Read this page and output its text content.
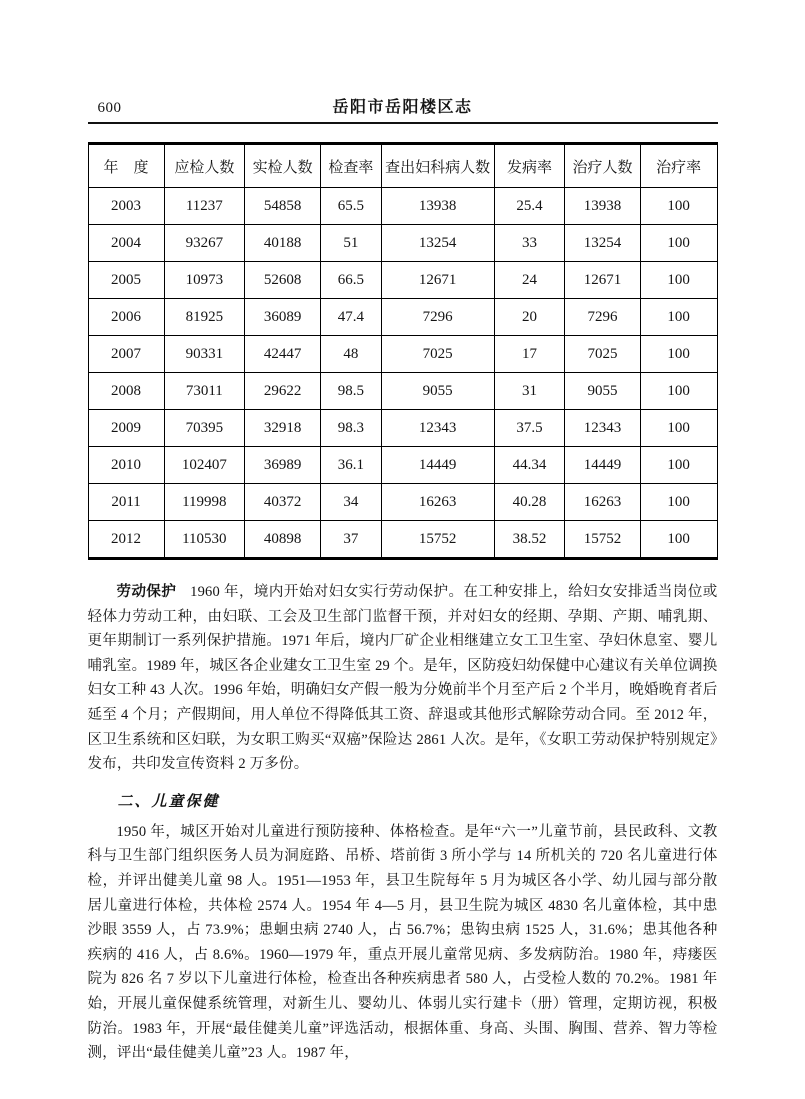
600	岳阳市岳阳楼区志
年　度	应检人数	实检人数	检查率	查出妇科病人数	发病率	治疗人数	治疗率
2003	11237	54858	65.5	13938	25.4	13938	100
2004	93267	40188	51	13254	33	13254	100
2005	10973	52608	66.5	12671	24	12671	100
2006	81925	36089	47.4	7296	20	7296	100
2007	90331	42447	48	7025	17	7025	100
2008	73011	29622	98.5	9055	31	9055	100
2009	70395	32918	98.3	12343	37.5	12343	100
2010	102407	36989	36.1	14449	44.34	14449	100
2011	119998	40372	34	16263	40.28	16263	100
2012	110530	40898	37	15752	38.52	15752	100

劳动保护 1960 年，境内开始对妇女实行劳动保护。在工种安排上，给妇女安排适当岗位或轻体力劳动工种，由妇联、工会及卫生部门监督干预，并对妇女的经期、孕期、产期、哺乳期、更年期制订一系列保护措施。1971 年后，境内厂矿企业相继建立女工卫生室、孕妇休息室、婴儿哺乳室。1989 年，城区各企业建女工卫生室 29 个。是年，区防疫妇幼保健中心建议有关单位调换妇女工种 43 人次。1996 年始，明确妇女产假一般为分娩前半个月至产后 2 个半月，晚婚晚育者后延至 4 个月；产假期间，用人单位不得降低其工资、辞退或其他形式解除劳动合同。至 2012 年，区卫生系统和区妇联，为女职工购买“双癌”保险达 2861 人次。是年，《女职工劳动保护特别规定》发布，共印发宣传资料 2 万多份。

二、儿童保健

1950 年，城区开始对儿童进行预防接种、体格检查。是年“六一”儿童节前，县民政科、文教科与卫生部门组织医务人员为洞庭路、吊桥、塔前街 3 所小学与 14 所机关的 720 名儿童进行体检，并评出健美儿童 98 人。1951—1953 年，县卫生院每年 5 月为城区各小学、幼儿园与部分散居儿童进行体检，共体检 2574 人。1954 年 4—5 月，县卫生院为城区 4830 名儿童体检，其中患沙眼 3559 人，占 73.9%；患蛔虫病 2740 人，占 56.7%；患钩虫病 1525 人，31.6%；患其他各种疾病的 416 人，占 8.6%。1960—1979 年，重点开展儿童常见病、多发病防治。1980 年，痔瘘医院为 826 名 7 岁以下儿童进行体检，检查出各种疾病患者 580 人，占受检人数的 70.2%。1981 年始，开展儿童保健系统管理，对新生儿、婴幼儿、体弱儿实行建卡（册）管理，定期访视，积极防治。1983 年，开展“最佳健美儿童”评选活动，根据体重、身高、头围、胸围、营养、智力等检测，评出“最佳健美儿童”23 人。1987 年，
